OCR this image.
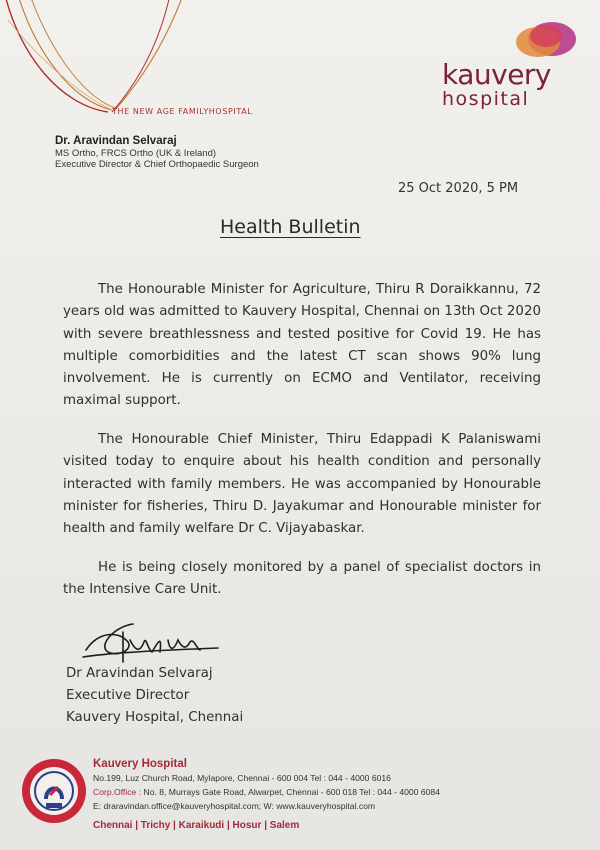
THE NEW AGE FAMILYHOSPITAL
kauvery
hospital
Dr. Aravindan Selvaraj
MS Ortho, FRCS Ortho (UK & Ireland)
Executive Director & Chief Orthopaedic Surgeon
25 Oct 2020, 5 PM
Health Bulletin

The Honourable Minister for Agriculture, Thiru R Doraikkannu, 72 years old was admitted to Kauvery Hospital, Chennai on 13th Oct 2020 with severe breathlessness and tested positive for Covid 19. He has multiple comorbidities and the latest CT scan shows 90% lung involvement. He is currently on ECMO and Ventilator, receiving maximal support.

The Honourable Chief Minister, Thiru Edappadi K Palaniswami visited today to enquire about his health condition and personally interacted with family members. He was accompanied by Honourable minister for fisheries, Thiru D. Jayakumar and Honourable minister for health and family welfare Dr C. Vijayabaskar.

He is being closely monitored by a panel of specialist doctors in the Intensive Care Unit.

Dr Aravindan Selvaraj
Executive Director
Kauvery Hospital, Chennai
Kauvery Hospital
No.199, Luz Church Road, Mylapore, Chennai - 600 004 Tel : 044 - 4000 6016
Corp.Office : No. 8, Murrays Gate Road, Alwarpet, Chennai - 600 018 Tel : 044 - 4000 6084
E: draravindan.office@kauveryhospital.com; W: www.kauveryhospital.com
Chennai | Trichy | Karaikudi | Hosur | Salem
